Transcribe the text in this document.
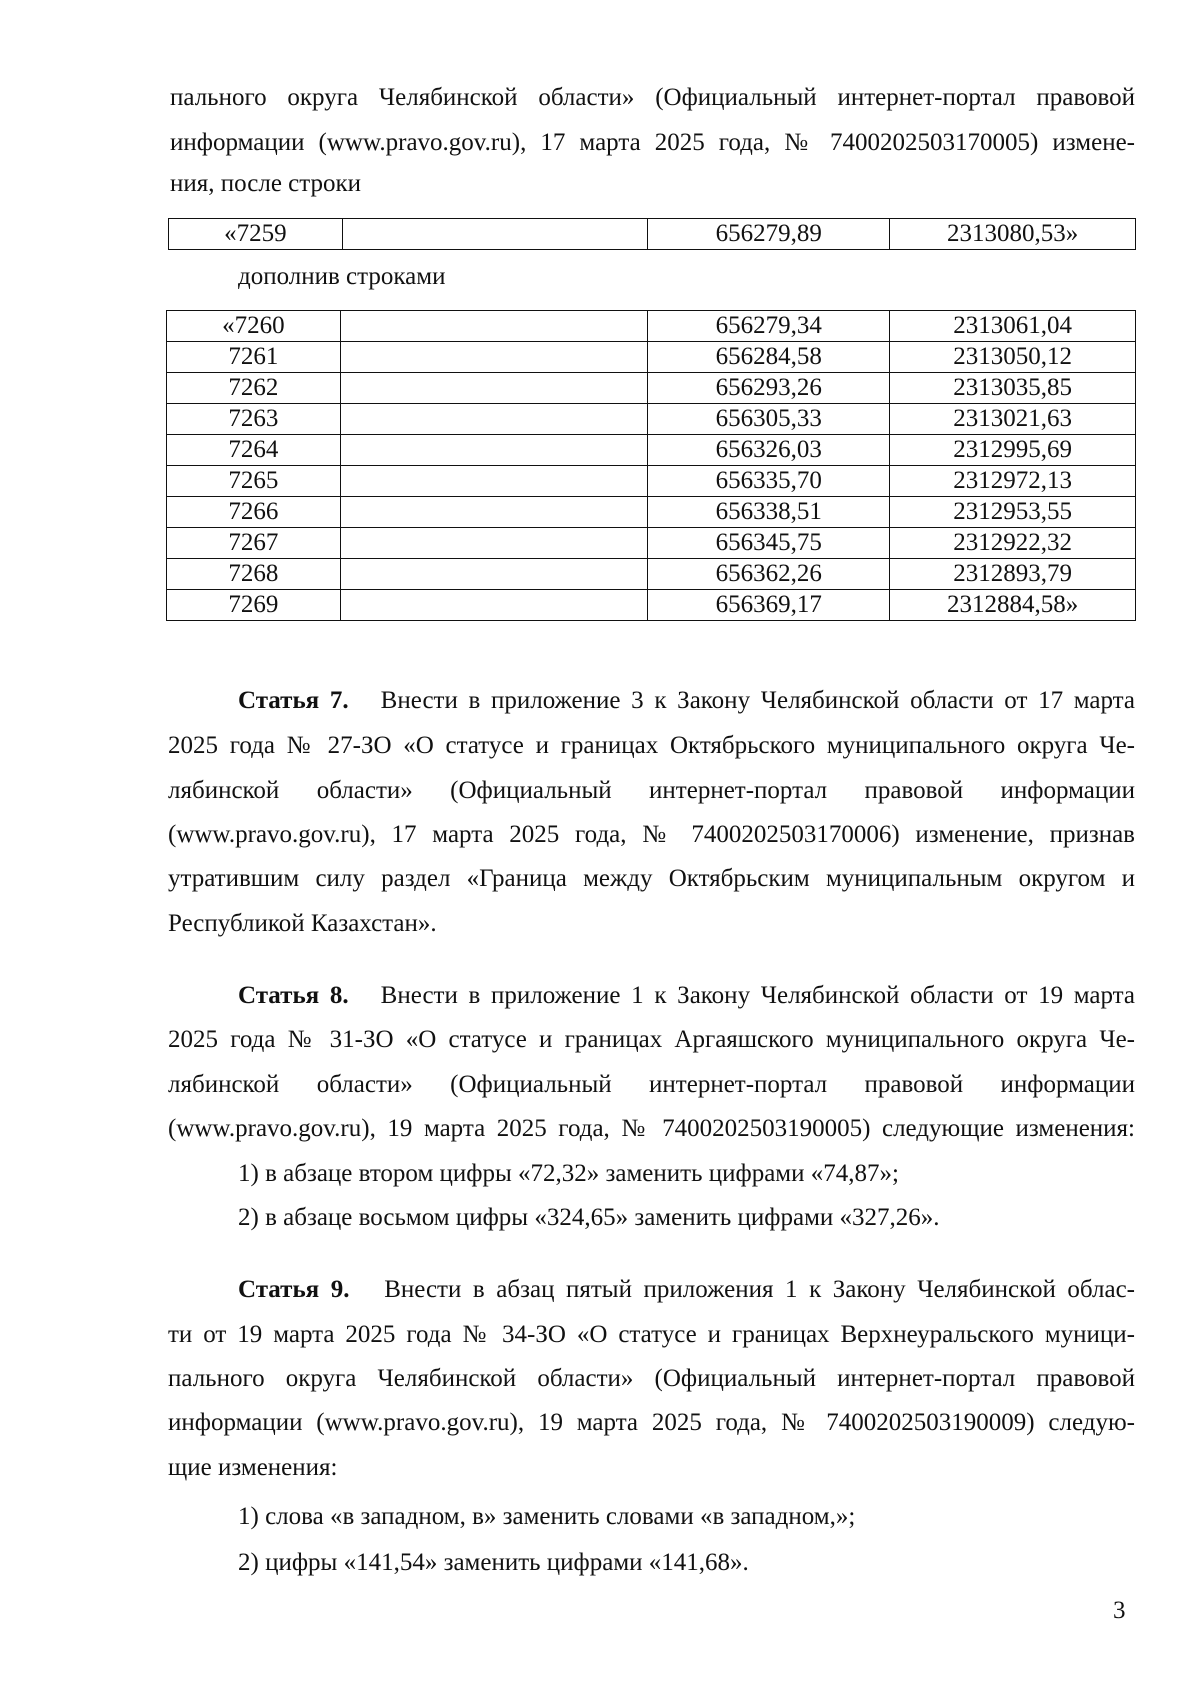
пального округа Челябинской области» (Официальный интернет-портал правовой
информации (www.pravo.gov.ru), 17 марта 2025 года, № 7400202503170005) измене-
ния, после строки
«7259		656279,89	2313080,53»
дополнив строками
«7260		656279,34	2313061,04
7261		656284,58	2313050,12
7262		656293,26	2313035,85
7263		656305,33	2313021,63
7264		656326,03	2312995,69
7265		656335,70	2312972,13
7266		656338,51	2312953,55
7267		656345,75	2312922,32
7268		656362,26	2312893,79
7269		656369,17	2312884,58»
Статья 7. Внести в приложение 3 к Закону Челябинской области от 17 марта
2025 года № 27-ЗО «О статусе и границах Октябрьского муниципального округа Че-
лябинской области» (Официальный интернет-портал правовой информации
(www.pravo.gov.ru), 17 марта 2025 года, № 7400202503170006) изменение, признав
утратившим силу раздел «Граница между Октябрьским муниципальным округом и
Республикой Казахстан».
Статья 8. Внести в приложение 1 к Закону Челябинской области от 19 марта
2025 года № 31-ЗО «О статусе и границах Аргаяшского муниципального округа Че-
лябинской области» (Официальный интернет-портал правовой информации
(www.pravo.gov.ru), 19 марта 2025 года, № 7400202503190005) следующие изменения:
1) в абзаце втором цифры «72,32» заменить цифрами «74,87»;
2) в абзаце восьмом цифры «324,65» заменить цифрами «327,26».
Статья 9. Внести в абзац пятый приложения 1 к Закону Челябинской облас-
ти от 19 марта 2025 года № 34-ЗО «О статусе и границах Верхнеуральского муници-
пального округа Челябинской области» (Официальный интернет-портал правовой
информации (www.pravo.gov.ru), 19 марта 2025 года, № 7400202503190009) следую-
щие изменения:
1) слова «в западном, в» заменить словами «в западном,»;
2) цифры «141,54» заменить цифрами «141,68».
3
